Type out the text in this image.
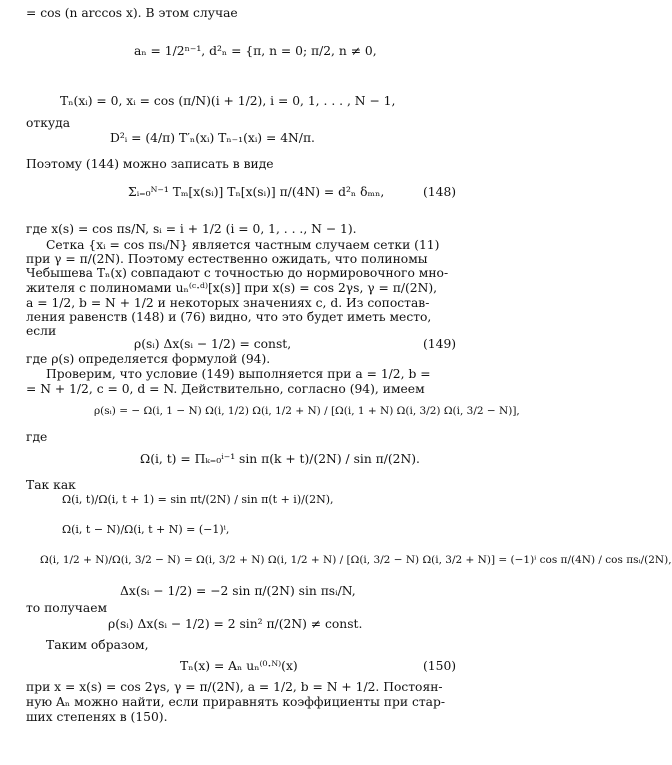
= cos (n arccos x). В этом случае
aₙ = 1/2ⁿ⁻¹, d²ₙ = {π, n = 0; π/2, n ≠ 0,
Tₙ(xᵢ) = 0, xᵢ = cos (π/N)(i + 1/2), i = 0, 1, . . . , N − 1,
откуда
D²ᵢ = (4/π) T′ₙ(xᵢ) Tₙ₋₁(xᵢ) = 4N/π.
Поэтому (144) можно записать в виде
Σᵢ₌₀ᴺ⁻¹ Tₘ[x(sᵢ)] Tₙ[x(sᵢ)] π/(4N) = d²ₙ δₘₙ,	(148)
где x(s) = cos πs/N, sᵢ = i + 1/2 (i = 0, 1, . . ., N − 1).
Сетка {xᵢ = cos πsᵢ/N} является частным случаем сетки (11)
при γ = π/(2N). Поэтому естественно ожидать, что полиномы
Чебышева Tₙ(x) совпадают с точностью до нормировочного мно-
жителя с полиномами uₙ⁽ᶜ·ᵈ⁾[x(s)] при x(s) = cos 2γs, γ = π/(2N),
a = 1/2, b = N + 1/2 и некоторых значениях c, d. Из сопостав-
ления равенств (148) и (76) видно, что это будет иметь место,
если
ρ(sᵢ) Δx(sᵢ − 1/2) = const,	(149)
где ρ(s) определяется формулой (94).
Проверим, что условие (149) выполняется при a = 1/2, b =
= N + 1/2, c = 0, d = N. Действительно, согласно (94), имеем
ρ(sᵢ) = − Ω(i, 1 − N) Ω(i, 1/2) Ω(i, 1/2 + N) / [Ω(i, 1 + N) Ω(i, 3/2) Ω(i, 3/2 − N)],
где
Ω(i, t) = Πₖ₌₀ⁱ⁻¹ sin π(k + t)/(2N) / sin π/(2N).
Так как
Ω(i, t)/Ω(i, t + 1) = sin πt/(2N) / sin π(t + i)/(2N),
Ω(i, t − N)/Ω(i, t + N) = (−1)ⁱ,
Ω(i, 1/2 + N)/Ω(i, 3/2 − N) = Ω(i, 3/2 + N) Ω(i, 1/2 + N) / [Ω(i, 3/2 − N) Ω(i, 3/2 + N)] = (−1)ⁱ cos π/(4N) / cos πsᵢ/(2N),
Δx(sᵢ − 1/2) = −2 sin π/(2N) sin πsᵢ/N,
то получаем
ρ(sᵢ) Δx(sᵢ − 1/2) = 2 sin² π/(2N) ≠ const.
Таким образом,
Tₙ(x) = Aₙ uₙ⁽⁰·ᴺ⁾(x)	(150)
при x = x(s) = cos 2γs, γ = π/(2N), a = 1/2, b = N + 1/2. Постоян-
ную Aₙ можно найти, если приравнять коэффициенты при стар-
ших степенях в (150).
